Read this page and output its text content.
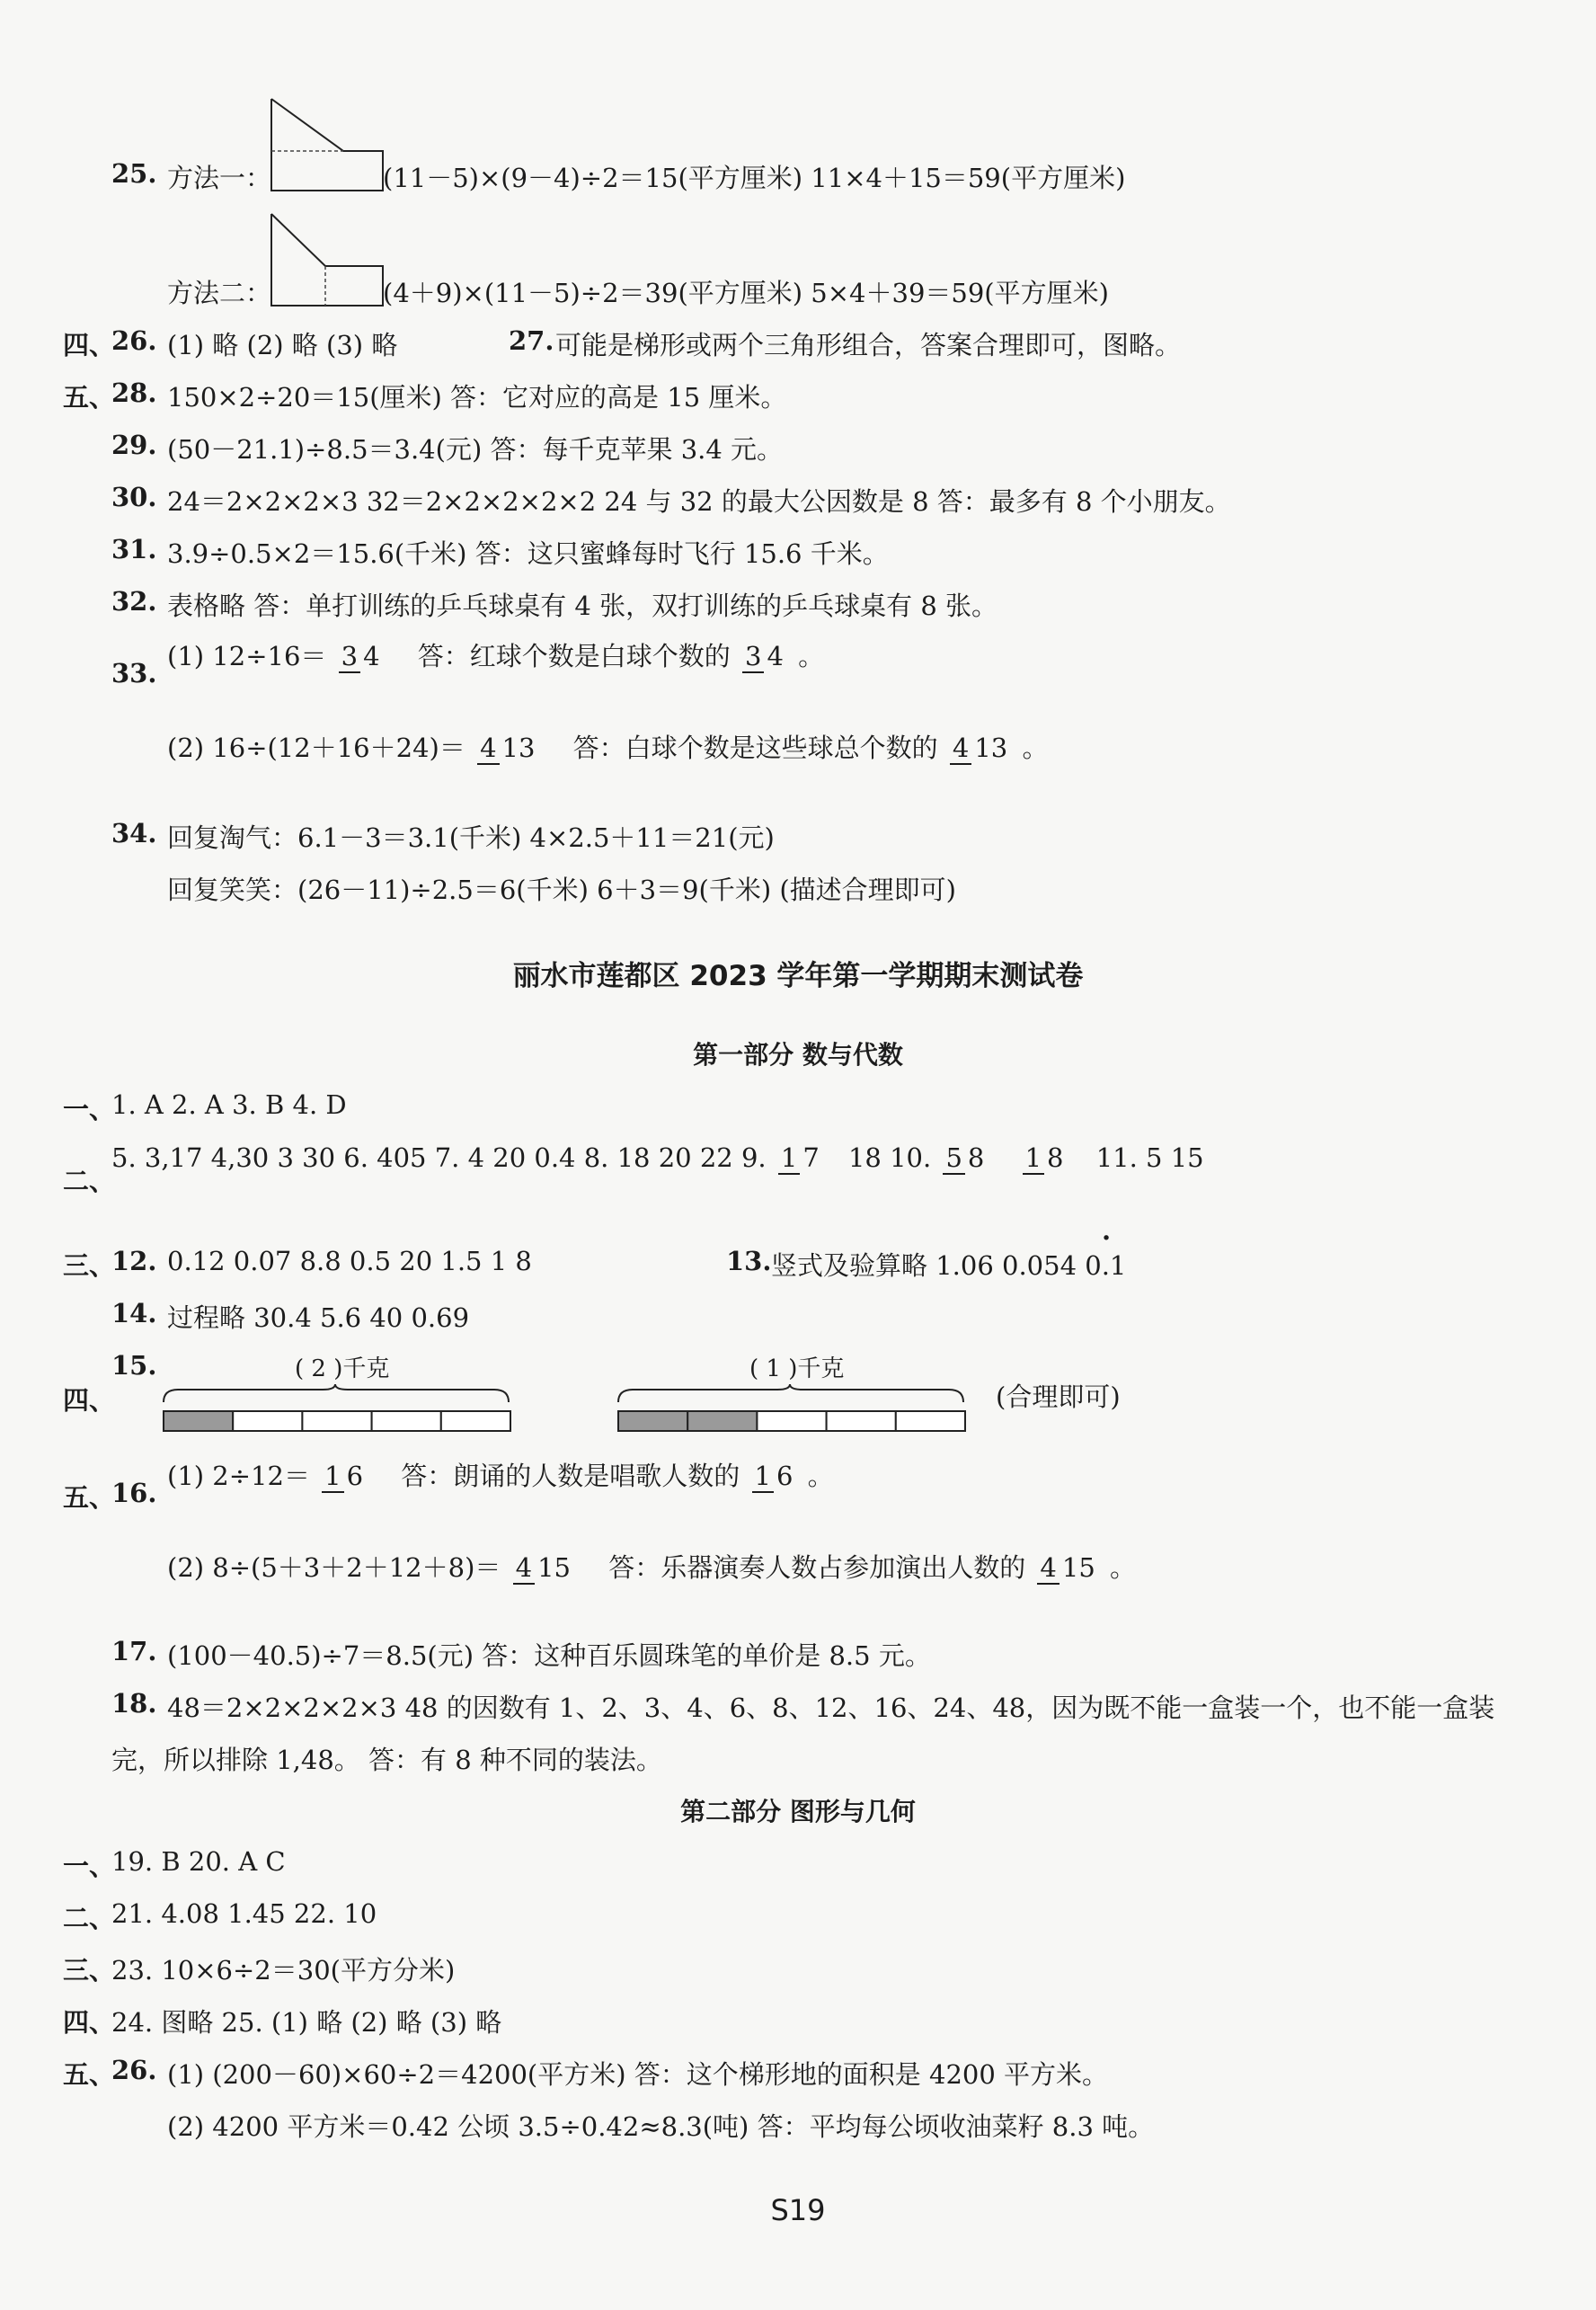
25. 方法一：	(11－5)×(9－4)÷2＝15(平方厘米) 11×4＋15＝59(平方厘米)
方法二：	(4＋9)×(11－5)÷2＝39(平方厘米) 5×4＋39＝59(平方厘米)
四、
26. (1) 略 (2) 略 (3) 略	27. 可能是梯形或两个三角形组合，答案合理即可，图略。
五、
28. 150×2÷20＝15(厘米) 答：它对应的高是 15 厘米。
29. (50－21.1)÷8.5＝3.4(元) 答：每千克苹果 3.4 元。
30. 24＝2×2×2×3 32＝2×2×2×2×2 24 与 32 的最大公因数是 8 答：最多有 8 个小朋友。
31. 3.9÷0.5×2＝15.6(千米) 答：这只蜜蜂每时飞行 15.6 千米。
32. 表格略 答：单打训练的乒乓球桌有 4 张，双打训练的乒乓球桌有 8 张。
33.
(1) 12÷16＝ 3 4 答：红球个数是白球个数的 3 4 。
(2) 16÷(12＋16＋24)＝ 4 13 答：白球个数是这些球总个数的 4 13 。
34. 回复淘气：6.1－3＝3.1(千米) 4×2.5＋11＝21(元)
回复笑笑：(26－11)÷2.5＝6(千米) 6＋3＝9(千米) (描述合理即可)
丽水市莲都区 2023 学年第一学期期末测试卷
第一部分 数与代数
一、
1. A 2. A 3. B 4. D
二、
5. 3,17 4,30 3 30 6. 405 7. 4 20 0.4 8. 18 20 22 9. 1 7 18 10. 5 8 1 8 11. 5 15
三、
12. 0.12 0.07 8.8 0.5 20 1.5 1 8	13. 竖式及验算略 1.06 0.054 0.1
·
14. 过程略 30.4 5.6 40 0.69
四、
15.	( 2 )千克	( 1 )千克
(合理即可)
五、
16.
(1) 2÷12＝ 1 6 答：朗诵的人数是唱歌人数的 1 6 。
(2) 8÷(5＋3＋2＋12＋8)＝ 4 15 答：乐器演奏人数占参加演出人数的 4 15 。
17. (100－40.5)÷7＝8.5(元) 答：这种百乐圆珠笔的单价是 8.5 元。
18. 48＝2×2×2×2×3 48 的因数有 1、2、3、4、6、8、12、16、24、48，因为既不能一盒装一个，也不能一盒装
完，所以排除 1,48。 答：有 8 种不同的装法。
第二部分 图形与几何
一、
19. B 20. A C
二、
21. 4.08 1.45 22. 10
三、
23. 10×6÷2＝30(平方分米)
四、
24. 图略 25. (1) 略 (2) 略 (3) 略
五、
26. (1) (200－60)×60÷2＝4200(平方米) 答：这个梯形地的面积是 4200 平方米。
(2) 4200 平方米＝0.42 公顷 3.5÷0.42≈8.3(吨) 答：平均每公顷收油菜籽 8.3 吨。
S19
